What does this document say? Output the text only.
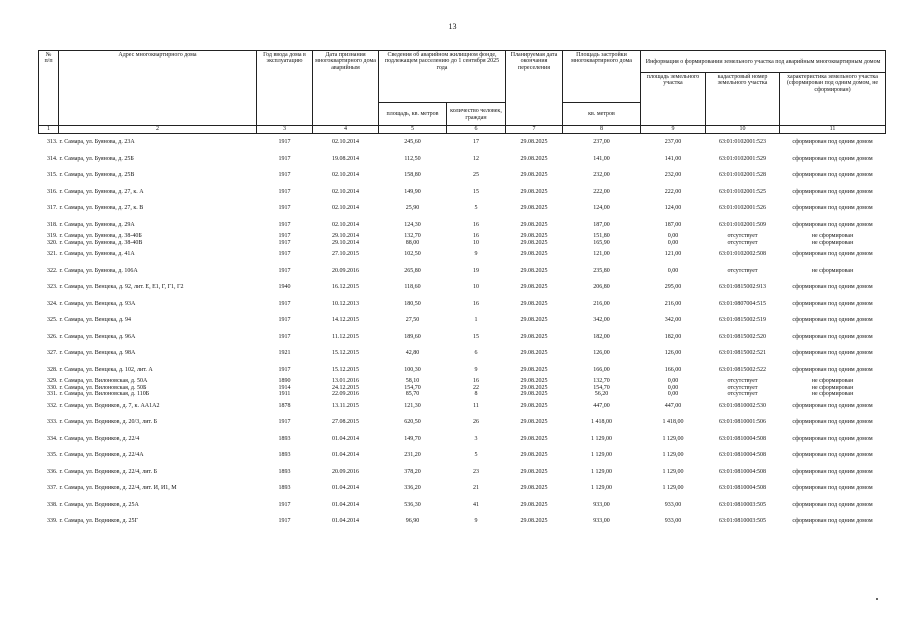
13
№
п/п	Адрес многоквартирного дома	Год ввода дома в эксплуатацию	Дата признания многоквартирного дома аварийным	Сведения об аварийном жилищном фонде, подлежащем расселению до 1 сентября 2025 года		Планируемая дата окончания переселения	Площадь застройки многоквартирного дома	Информация о формировании земельного участка под аварийным многоквартирным домом		
								площадь земельного участка	кадастровый номер земельного участка	характеристика земельного участка (сформирован под одним домом, не сформирован)
				площадь, кв. метров	количество человек, граждан		кв. метров			
1	2	3	4	5	6	7	8	9	10	11
313.	г. Самара, ул. Буянова, д. 23А	1917	02.10.2014	245,60	17	29.08.2025	237,00	237,00	63:01:0102001:523	сформирован под одним домом
314.	г. Самара, ул. Буянова, д. 25Б	1917	19.08.2014	112,50	12	29.08.2025	141,00	141,00	63:01:0102001:529	сформирован под одним домом
315.	г. Самара, ул. Буянова, д. 25В	1917	02.10.2014	158,80	25	29.08.2025	232,00	232,00	63:01:0102001:528	сформирован под одним домом
316.	г. Самара, ул. Буянова, д. 27, к. А	1917	02.10.2014	149,90	15	29.08.2025	222,00	222,00	63:01:0102001:525	сформирован под одним домом
317.	г. Самара, ул. Буянова, д. 27, к. В	1917	02.10.2014	25,90	5	29.08.2025	124,00	124,00	63:01:0102001:526	сформирован под одним домом
318.	г. Самара, ул. Буянова, д. 29А	1917	02.10.2014	124,30	16	29.08.2025	187,00	187,00	63:01:0102001:509	сформирован под одним домом
319.	г. Самара, ул. Буянова, д. 38-40Б	1917	29.10.2014	132,70	16	29.08.2025	151,80	0,00	отсутствует	не сформирован
320.	г. Самара, ул. Буянова, д. 38-40В	1917	29.10.2014	88,00	10	29.08.2025	165,90	0,00	отсутствует	не сформирован
321.	г. Самара, ул. Буянова, д. 41А	1917	27.10.2015	102,50	9	29.08.2025	121,00	121,00	63:01:0102002:508	сформирован под одним домом
322.	г. Самара, ул. Буянова, д. 106А	1917	20.09.2016	265,80	19	29.08.2025	235,80	0,00	отсутствует	не сформирован
323.	г. Самара, ул. Венцека, д. 92, лит. Е, Е1, Г, Г1, Г2	1940	16.12.2015	118,60	10	29.08.2025	206,80	295,00	63:01:0815002:913	сформирован под одним домом
324.	г. Самара, ул. Венцека, д. 93А	1917	10.12.2013	180,50	16	29.08.2025	216,00	216,00	63:01:0807004:515	сформирован под одним домом
325.	г. Самара, ул. Венцека, д. 94	1917	14.12.2015	27,50	1	29.08.2025	342,00	342,00	63:01:0815002:519	сформирован под одним домом
326.	г. Самара, ул. Венцека, д. 96А	1917	11.12.2015	189,60	15	29.08.2025	182,00	182,00	63:01:0815002:520	сформирован под одним домом
327.	г. Самара, ул. Венцека, д. 98А	1921	15.12.2015	42,80	6	29.08.2025	126,00	126,00	63:01:0815002:521	сформирован под одним домом
328.	г. Самара, ул. Венцека, д. 102, лит. А	1917	15.12.2015	100,30	9	29.08.2025	166,00	166,00	63:01:0815002:522	сформирован под одним домом
329.	г. Самара, ул. Вилоновская, д. 50А	1890	13.01.2016	58,10	16	29.08.2025	132,70	0,00	отсутствует	не сформирован
330.	г. Самара, ул. Вилоновская, д. 50Б	1914	24.12.2015	154,70	22	29.08.2025	154,70	0,00	отсутствует	не сформирован
331.	г. Самара, ул. Вилоновская, д. 110Б	1911	22.09.2016	85,70	8	29.08.2025	56,20	0,00	отсутствует	не сформирован
332.	г. Самара, ул. Водников, д. 7, к. АА1А2	1878	13.11.2015	121,30	11	29.08.2025	447,00	447,00	63:01:0810002:530	сформирован под одним домом
333.	г. Самара, ул. Водников, д. 20/3, лит. Б	1917	27.08.2015	620,50	26	29.08.2025	1 418,00	1 418,00	63:01:0810001:506	сформирован под одним домом
334.	г. Самара, ул. Водников, д. 22/4	1893	01.04.2014	149,70	3	29.08.2025	1 129,00	1 129,00	63:01:0810004:508	сформирован под одним домом
335.	г. Самара, ул. Водников, д. 22/4А	1893	01.04.2014	231,20	5	29.08.2025	1 129,00	1 129,00	63:01:0810004:508	сформирован под одним домом
336.	г. Самара, ул. Водников, д. 22/4, лит. Б	1893	20.09.2016	378,20	23	29.08.2025	1 129,00	1 129,00	63:01:0810004:508	сформирован под одним домом
337.	г. Самара, ул. Водников, д. 22/4, лит. И, И1, М	1893	01.04.2014	336,20	21	29.08.2025	1 129,00	1 129,00	63:01:0810004:508	сформирован под одним домом
338.	г. Самара, ул. Водников, д. 25А	1917	01.04.2014	536,30	41	29.08.2025	933,00	933,00	63:01:0810003:505	сформирован под одним домом
339.	г. Самара, ул. Водников, д. 25Г	1917	01.04.2014	96,90	9	29.08.2025	933,00	933,00	63:01:0810003:505	сформирован под одним домом
